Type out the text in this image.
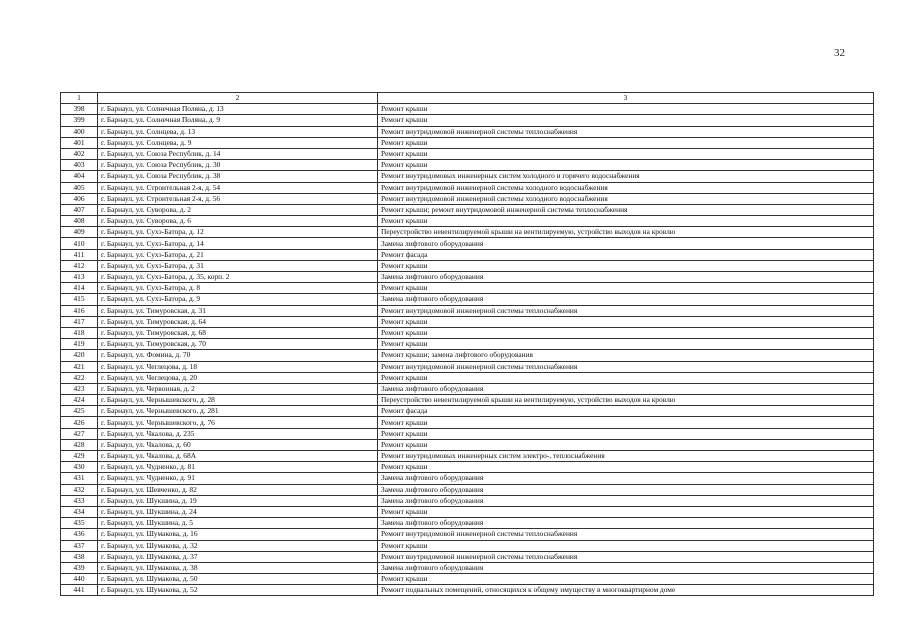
32
1	2	3
398	г. Барнаул, ул. Солнечная Поляна, д. 13	Ремонт крыши
399	г. Барнаул, ул. Солнечная Поляна, д. 9	Ремонт крыши
400	г. Барнаул, ул. Солнцева, д. 13	Ремонт внутридомовой инженерной системы теплоснабжения
401	г. Барнаул, ул. Солнцева, д. 9	Ремонт крыши
402	г. Барнаул, ул. Союза Республик, д. 14	Ремонт крыши
403	г. Барнаул, ул. Союза Республик, д. 30	Ремонт крыши
404	г. Барнаул, ул. Союза Республик, д. 38	Ремонт внутридомовых инженерных систем холодного и горячего водоснабжения
405	г. Барнаул, ул. Строительная 2-я, д. 54	Ремонт внутридомовой инженерной системы холодного водоснабжения
406	г. Барнаул, ул. Строительная 2-я, д. 56	Ремонт внутридомовой инженерной системы холодного водоснабжения
407	г. Барнаул, ул. Суворова, д. 2	Ремонт крыши; ремонт внутридомовой инженерной системы теплоснабжения
408	г. Барнаул, ул. Суворова, д. 6	Ремонт крыши
409	г. Барнаул, ул. Сухэ-Батора, д. 12	Переустройство невентилируемой крыши на вентилируемую, устройство выходов на кровлю
410	г. Барнаул, ул. Сухэ-Батора, д. 14	Замена лифтового оборудования
411	г. Барнаул, ул. Сухэ-Батора, д. 21	Ремонт фасада
412	г. Барнаул, ул. Сухэ-Батора, д. 31	Ремонт крыши
413	г. Барнаул, ул. Сухэ-Батора, д. 35, корп. 2	Замена лифтового оборудования
414	г. Барнаул, ул. Сухэ-Батора, д. 8	Ремонт крыши
415	г. Барнаул, ул. Сухэ-Батора, д. 9	Замена лифтового оборудования
416	г. Барнаул, ул. Тимуровская, д. 31	Ремонт внутридомовой инженерной системы теплоснабжения
417	г. Барнаул, ул. Тимуровская, д. 64	Ремонт крыши
418	г. Барнаул, ул. Тимуровская, д. 68	Ремонт крыши
419	г. Барнаул, ул. Тимуровская, д. 70	Ремонт крыши
420	г. Барнаул, ул. Фомина, д. 70	Ремонт крыши; замена лифтового оборудования
421	г. Барнаул, ул. Чеглецова, д. 18	Ремонт внутридомовой инженерной системы теплоснабжения
422	г. Барнаул, ул. Чеглецова, д. 20	Ремонт крыши
423	г. Барнаул, ул. Червонная, д. 2	Замена лифтового оборудования
424	г. Барнаул, ул. Чернышевского, д. 28	Переустройство невентилируемой крыши на вентилируемую, устройство выходов на кровлю
425	г. Барнаул, ул. Чернышевского, д. 281	Ремонт фасада
426	г. Барнаул, ул. Чернышевского, д. 76	Ремонт крыши
427	г. Барнаул, ул. Чкалова, д. 235	Ремонт крыши
428	г. Барнаул, ул. Чкалова, д. 60	Ремонт крыши
429	г. Барнаул, ул. Чкалова, д. 68А	Ремонт внутридомовых инженерных систем электро-, теплоснабжения
430	г. Барнаул, ул. Чудненко, д. 81	Ремонт крыши
431	г. Барнаул, ул. Чудненко, д. 91	Замена лифтового оборудования
432	г. Барнаул, ул. Шевченко, д. 82	Замена лифтового оборудования
433	г. Барнаул, ул. Шукшина, д. 19	Замена лифтового оборудования
434	г. Барнаул, ул. Шукшина, д. 24	Ремонт крыши
435	г. Барнаул, ул. Шукшина, д. 5	Замена лифтового оборудования
436	г. Барнаул, ул. Шумакова, д. 16	Ремонт внутридомовой инженерной системы теплоснабжения
437	г. Барнаул, ул. Шумакова, д. 32	Ремонт крыши
438	г. Барнаул, ул. Шумакова, д. 37	Ремонт внутридомовой инженерной системы теплоснабжения
439	г. Барнаул, ул. Шумакова, д. 38	Замена лифтового оборудования
440	г. Барнаул, ул. Шумакова, д. 50	Ремонт крыши
441	г. Барнаул, ул. Шумакова, д. 52	Ремонт подвальных помещений, относящихся к общему имуществу в многоквартирном доме
